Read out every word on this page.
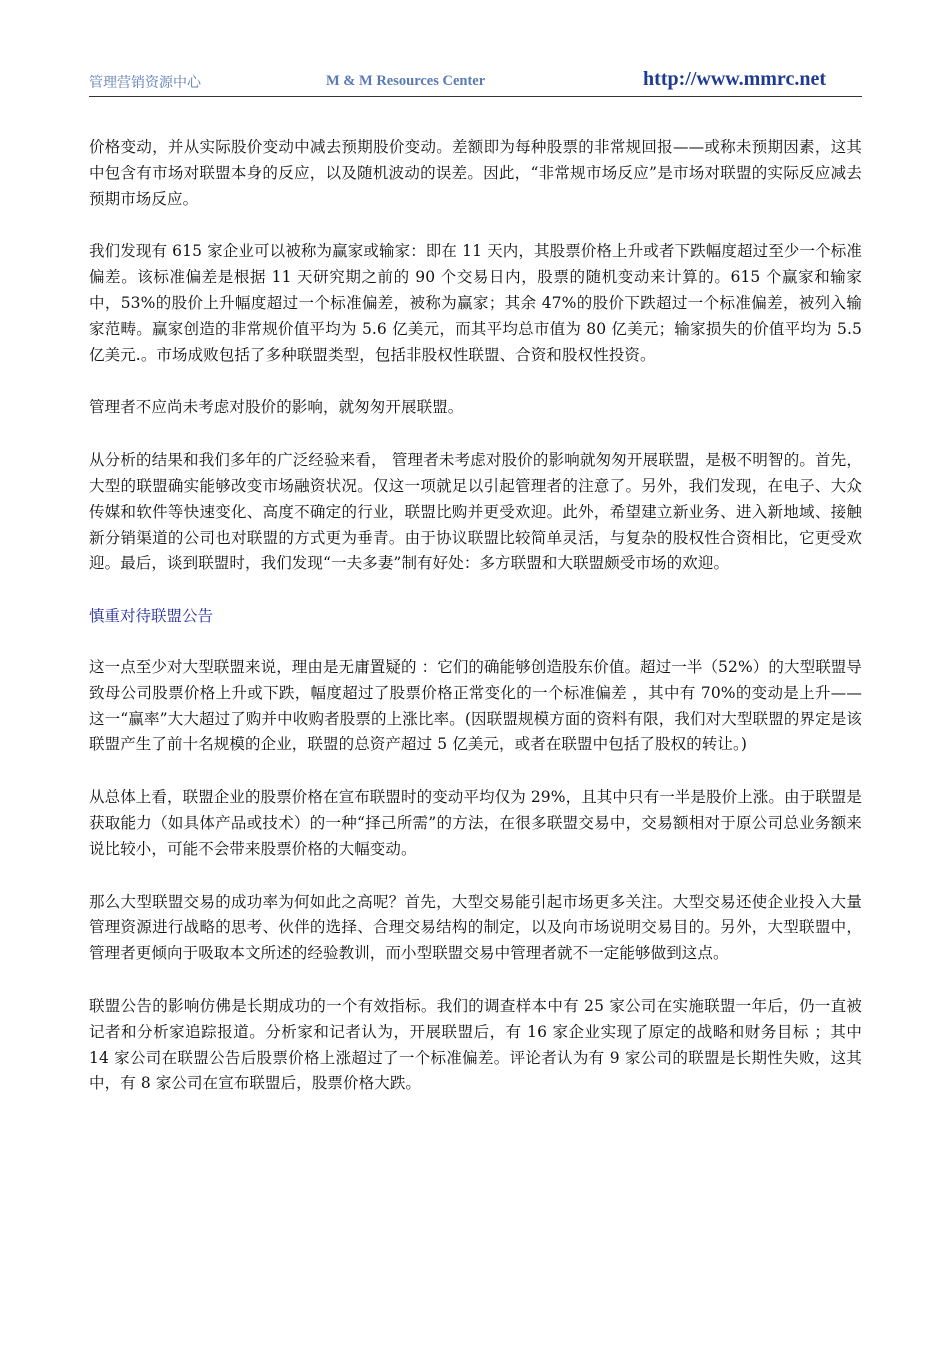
管理营销资源中心	M & M Resources Center	http://www.mmrc.net

价格变动，并从实际股价变动中减去预期股价变动。差额即为每种股票的非常规回报——或称未预期因素，这其中包含有市场对联盟本身的反应，以及随机波动的误差。因此，“非常规市场反应”是市场对联盟的实际反应减去预期市场反应。

我们发现有 615 家企业可以被称为赢家或输家：即在 11 天内，其股票价格上升或者下跌幅度超过至少一个标准偏差。该标准偏差是根据 11 天研究期之前的 90 个交易日内，股票的随机变动来计算的。615 个赢家和输家中，53%的股价上升幅度超过一个标准偏差，被称为赢家；其余 47%的股价下跌超过一个标准偏差，被列入输家范畴。赢家创造的非常规价值平均为 5.6 亿美元，而其平均总市值为 80 亿美元；输家损失的价值平均为 5.5 亿美元.。市场成败包括了多种联盟类型，包括非股权性联盟、合资和股权性投资。

管理者不应尚未考虑对股价的影响，就匆匆开展联盟。

从分析的结果和我们多年的广泛经验来看， 管理者未考虑对股价的影响就匆匆开展联盟，是极不明智的。首先，大型的联盟确实能够改变市场融资状况。仅这一项就足以引起管理者的注意了。另外，我们发现，在电子、大众传媒和软件等快速变化、高度不确定的行业，联盟比购并更受欢迎。此外，希望建立新业务、进入新地域、接触新分销渠道的公司也对联盟的方式更为垂青。由于协议联盟比较简单灵活，与复杂的股权性合资相比，它更受欢迎。最后，谈到联盟时，我们发现“一夫多妻”制有好处：多方联盟和大联盟颇受市场的欢迎。

慎重对待联盟公告

这一点至少对大型联盟来说，理由是无庸置疑的 ：它们的确能够创造股东价值。超过一半（52%）的大型联盟导致母公司股票价格上升或下跌，幅度超过了股票价格正常变化的一个标准偏差 ，其中有 70%的变动是上升——这一“赢率”大大超过了购并中收购者股票的上涨比率。(因联盟规模方面的资料有限，我们对大型联盟的界定是该联盟产生了前十名规模的企业，联盟的总资产超过 5 亿美元，或者在联盟中包括了股权的转让。)

从总体上看，联盟企业的股票价格在宣布联盟时的变动平均仅为 29%，且其中只有一半是股价上涨。由于联盟是获取能力（如具体产品或技术）的一种“择己所需”的方法，在很多联盟交易中，交易额相对于原公司总业务额来说比较小，可能不会带来股票价格的大幅变动。

那么大型联盟交易的成功率为何如此之高呢？首先，大型交易能引起市场更多关注。大型交易还使企业投入大量管理资源进行战略的思考、伙伴的选择、合理交易结构的制定，以及向市场说明交易目的。另外，大型联盟中，管理者更倾向于吸取本文所述的经验教训，而小型联盟交易中管理者就不一定能够做到这点。

联盟公告的影响仿佛是长期成功的一个有效指标。我们的调查样本中有 25 家公司在实施联盟一年后，仍一直被记者和分析家追踪报道。分析家和记者认为，开展联盟后，有 16 家企业实现了原定的战略和财务目标 ；其中 14 家公司在联盟公告后股票价格上涨超过了一个标准偏差。评论者认为有 9 家公司的联盟是长期性失败，这其中，有 8 家公司在宣布联盟后，股票价格大跌。
